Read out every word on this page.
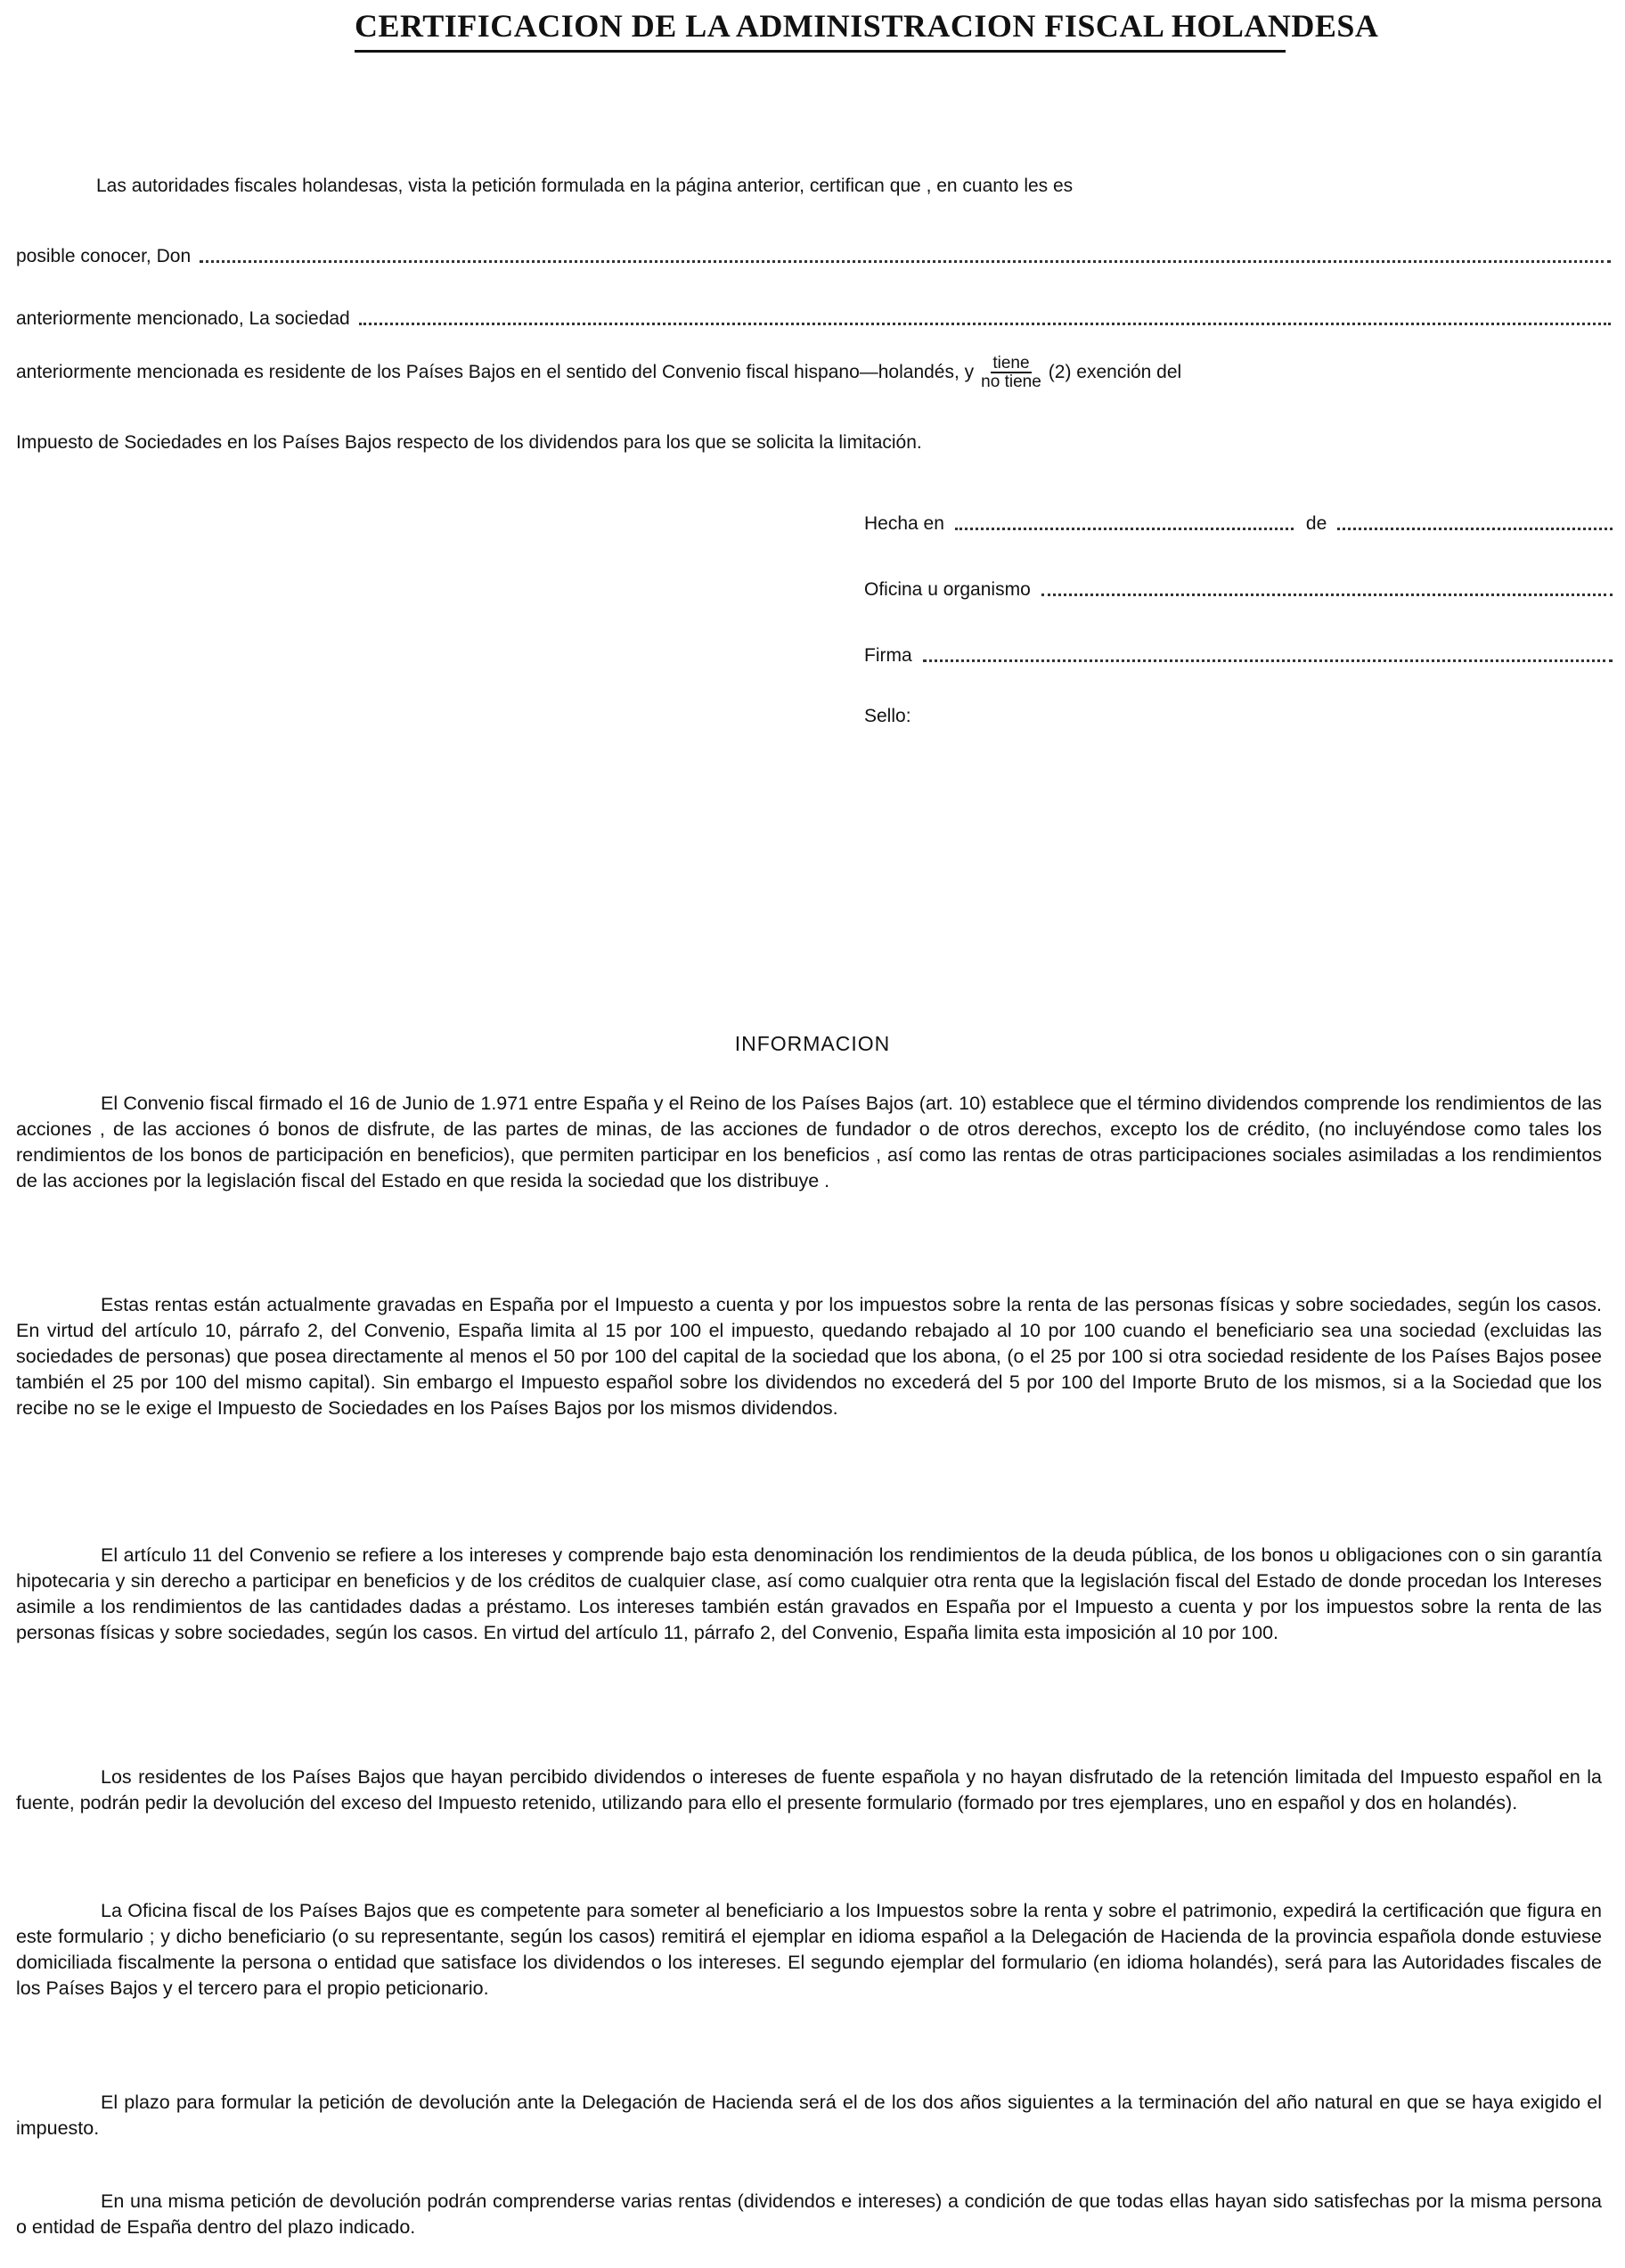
CERTIFICACION DE LA ADMINISTRACION FISCAL HOLANDESA
Las autoridades fiscales holandesas, vista la petición formulada en la página anterior, certifican que , en cuanto les es
posible conocer, Don
anteriormente mencionado, La sociedad
anteriormente mencionada es residente de los Países Bajos en el sentido del Convenio fiscal hispano—holandés, y $\frac{\text{tiene}}{\text{no tiene}} (2)$ exención del
Impuesto de Sociedades en los Países Bajos respecto de los dividendos para los que se solicita la limitación.
Hecha en	de
Oficina u organismo
Firma
Sello:
INFORMACION

El Convenio fiscal firmado el 16 de Junio de 1.971 entre España y el Reino de los Países Bajos (art. 10) establece que el término dividendos comprende los rendimientos de las acciones , de las acciones ó bonos de disfrute, de las partes de minas, de las acciones de fundador o de otros derechos, excepto los de crédito, (no incluyéndose como tales los rendimientos de los bonos de participación en beneficios), que permiten participar en los beneficios , así como las rentas de otras participaciones sociales asimiladas a los rendimientos de las acciones por la legislación fiscal del Estado en que resida la sociedad que los distribuye .

Estas rentas están actualmente gravadas en España por el Impuesto a cuenta y por los impuestos sobre la renta de las personas físicas y sobre sociedades, según los casos. En virtud del artículo 10, párrafo 2, del Convenio, España limita al 15 por 100 el impuesto, quedando rebajado al 10 por 100 cuando el beneficiario sea una sociedad (excluidas las sociedades de personas) que posea directamente al menos el 50 por 100 del capital de la sociedad que los abona, (o el 25 por 100 si otra sociedad residente de los Países Bajos posee también el 25 por 100 del mismo capital). Sin embargo el Impuesto español sobre los dividendos no excederá del 5 por 100 del Importe Bruto de los mismos, si a la Sociedad que los recibe no se le exige el Impuesto de Sociedades en los Países Bajos por los mismos dividendos.

El artículo 11 del Convenio se refiere a los intereses y comprende bajo esta denominación los rendimientos de la deuda pública, de los bonos u obligaciones con o sin garantía hipotecaria y sin derecho a participar en beneficios y de los créditos de cualquier clase, así como cualquier otra renta que la legislación fiscal del Estado de donde procedan los Intereses asimile a los rendimientos de las cantidades dadas a préstamo. Los intereses también están gravados en España por el Impuesto a cuenta y por los impuestos sobre la renta de las personas físicas y sobre sociedades, según los casos. En virtud del artículo 11, párrafo 2, del Convenio, España limita esta imposición al 10 por 100.

Los residentes de los Países Bajos que hayan percibido dividendos o intereses de fuente española y no hayan disfrutado de la retención limitada del Impuesto español en la fuente, podrán pedir la devolución del exceso del Impuesto retenido, utilizando para ello el presente formulario (formado por tres ejemplares, uno en español y dos en holandés).

La Oficina fiscal de los Países Bajos que es competente para someter al beneficiario a los Impuestos sobre la renta y sobre el patrimonio, expedirá la certificación que figura en este formulario ; y dicho beneficiario (o su representante, según los casos) remitirá el ejemplar en idioma español a la Delegación de Hacienda de la provincia española donde estuviese domiciliada fiscalmente la persona o entidad que satisface los dividendos o los intereses. El segundo ejemplar del formulario (en idioma holandés), será para las Autoridades fiscales de los Países Bajos y el tercero para el propio peticionario.

El plazo para formular la petición de devolución ante la Delegación de Hacienda será el de los dos años siguientes a la terminación del año natural en que se haya exigido el impuesto.

En una misma petición de devolución podrán comprenderse varias rentas (dividendos e intereses) a condición de que todas ellas hayan sido satisfechas por la misma persona o entidad de España dentro del plazo indicado.
